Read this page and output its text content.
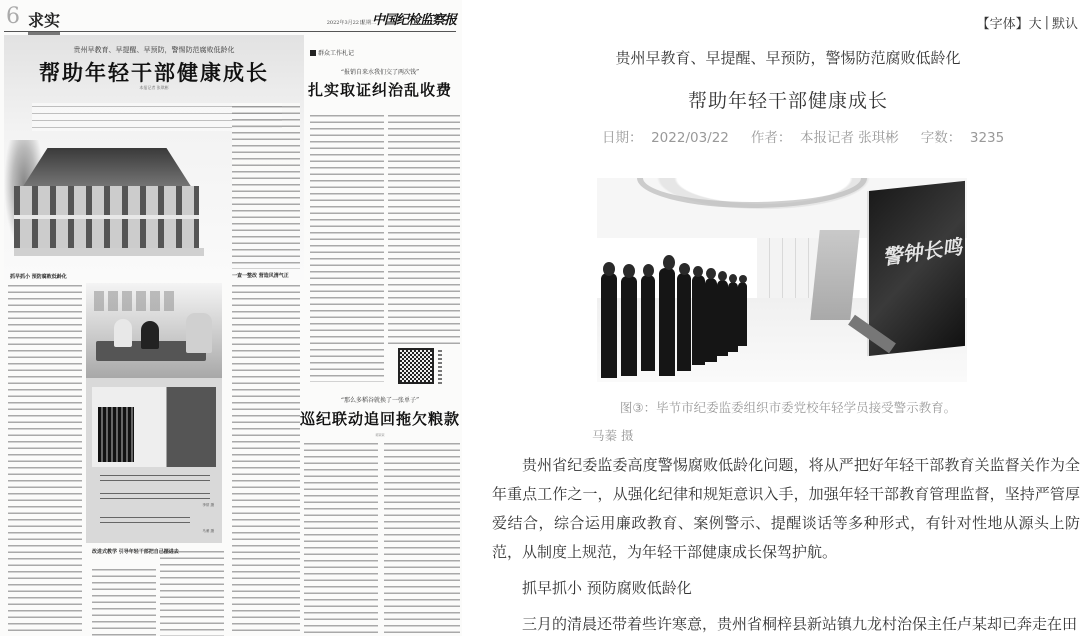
6 求实	2022年3月22日
星期二
中国纪检监察报
贵州早教育、早提醒、早预防，警惕防范腐败低龄化
帮助年轻干部健康成长
本报记者 张琪彬
抓早抓小 预防腐败低龄化	一查一整改 营造风清气正
李常 摄
马蓁 摄
改进式教学 引导年轻干部把自己摆进去
群众工作札记
“报销自来水我们交了两次钱”
扎实取证纠治乱收费
“那么多稻谷就换了一张单子”
巡纪联动追回拖欠粮款
郭荣荣
【字体】 大 | 默认
贵州早教育、早提醒、早预防，警惕防范腐败低龄化
帮助年轻干部健康成长
日期：  2022/03/22 作者：  本报记者 张琪彬 字数：  3235
警钟长鸣
图③：毕节市纪委监委组织市委党校年轻学员接受警示教育。
马蓁 摄

贵州省纪委监委高度警惕腐败低龄化问题，将从严把好年轻干部教育关监督关作为全年重点工作之一，从强化纪律和规矩意识入手，加强年轻干部教育管理监督，坚持严管厚爱结合，综合运用廉政教育、案例警示、提醒谈话等多种形式，有针对性地从源头上防范，从制度上规范，为年轻干部健康成长保驾护航。

抓早抓小 预防腐败低龄化

三月的清晨还带着些许寒意，贵州省桐梓县新站镇九龙村治保主任卢某却已奔走在田
